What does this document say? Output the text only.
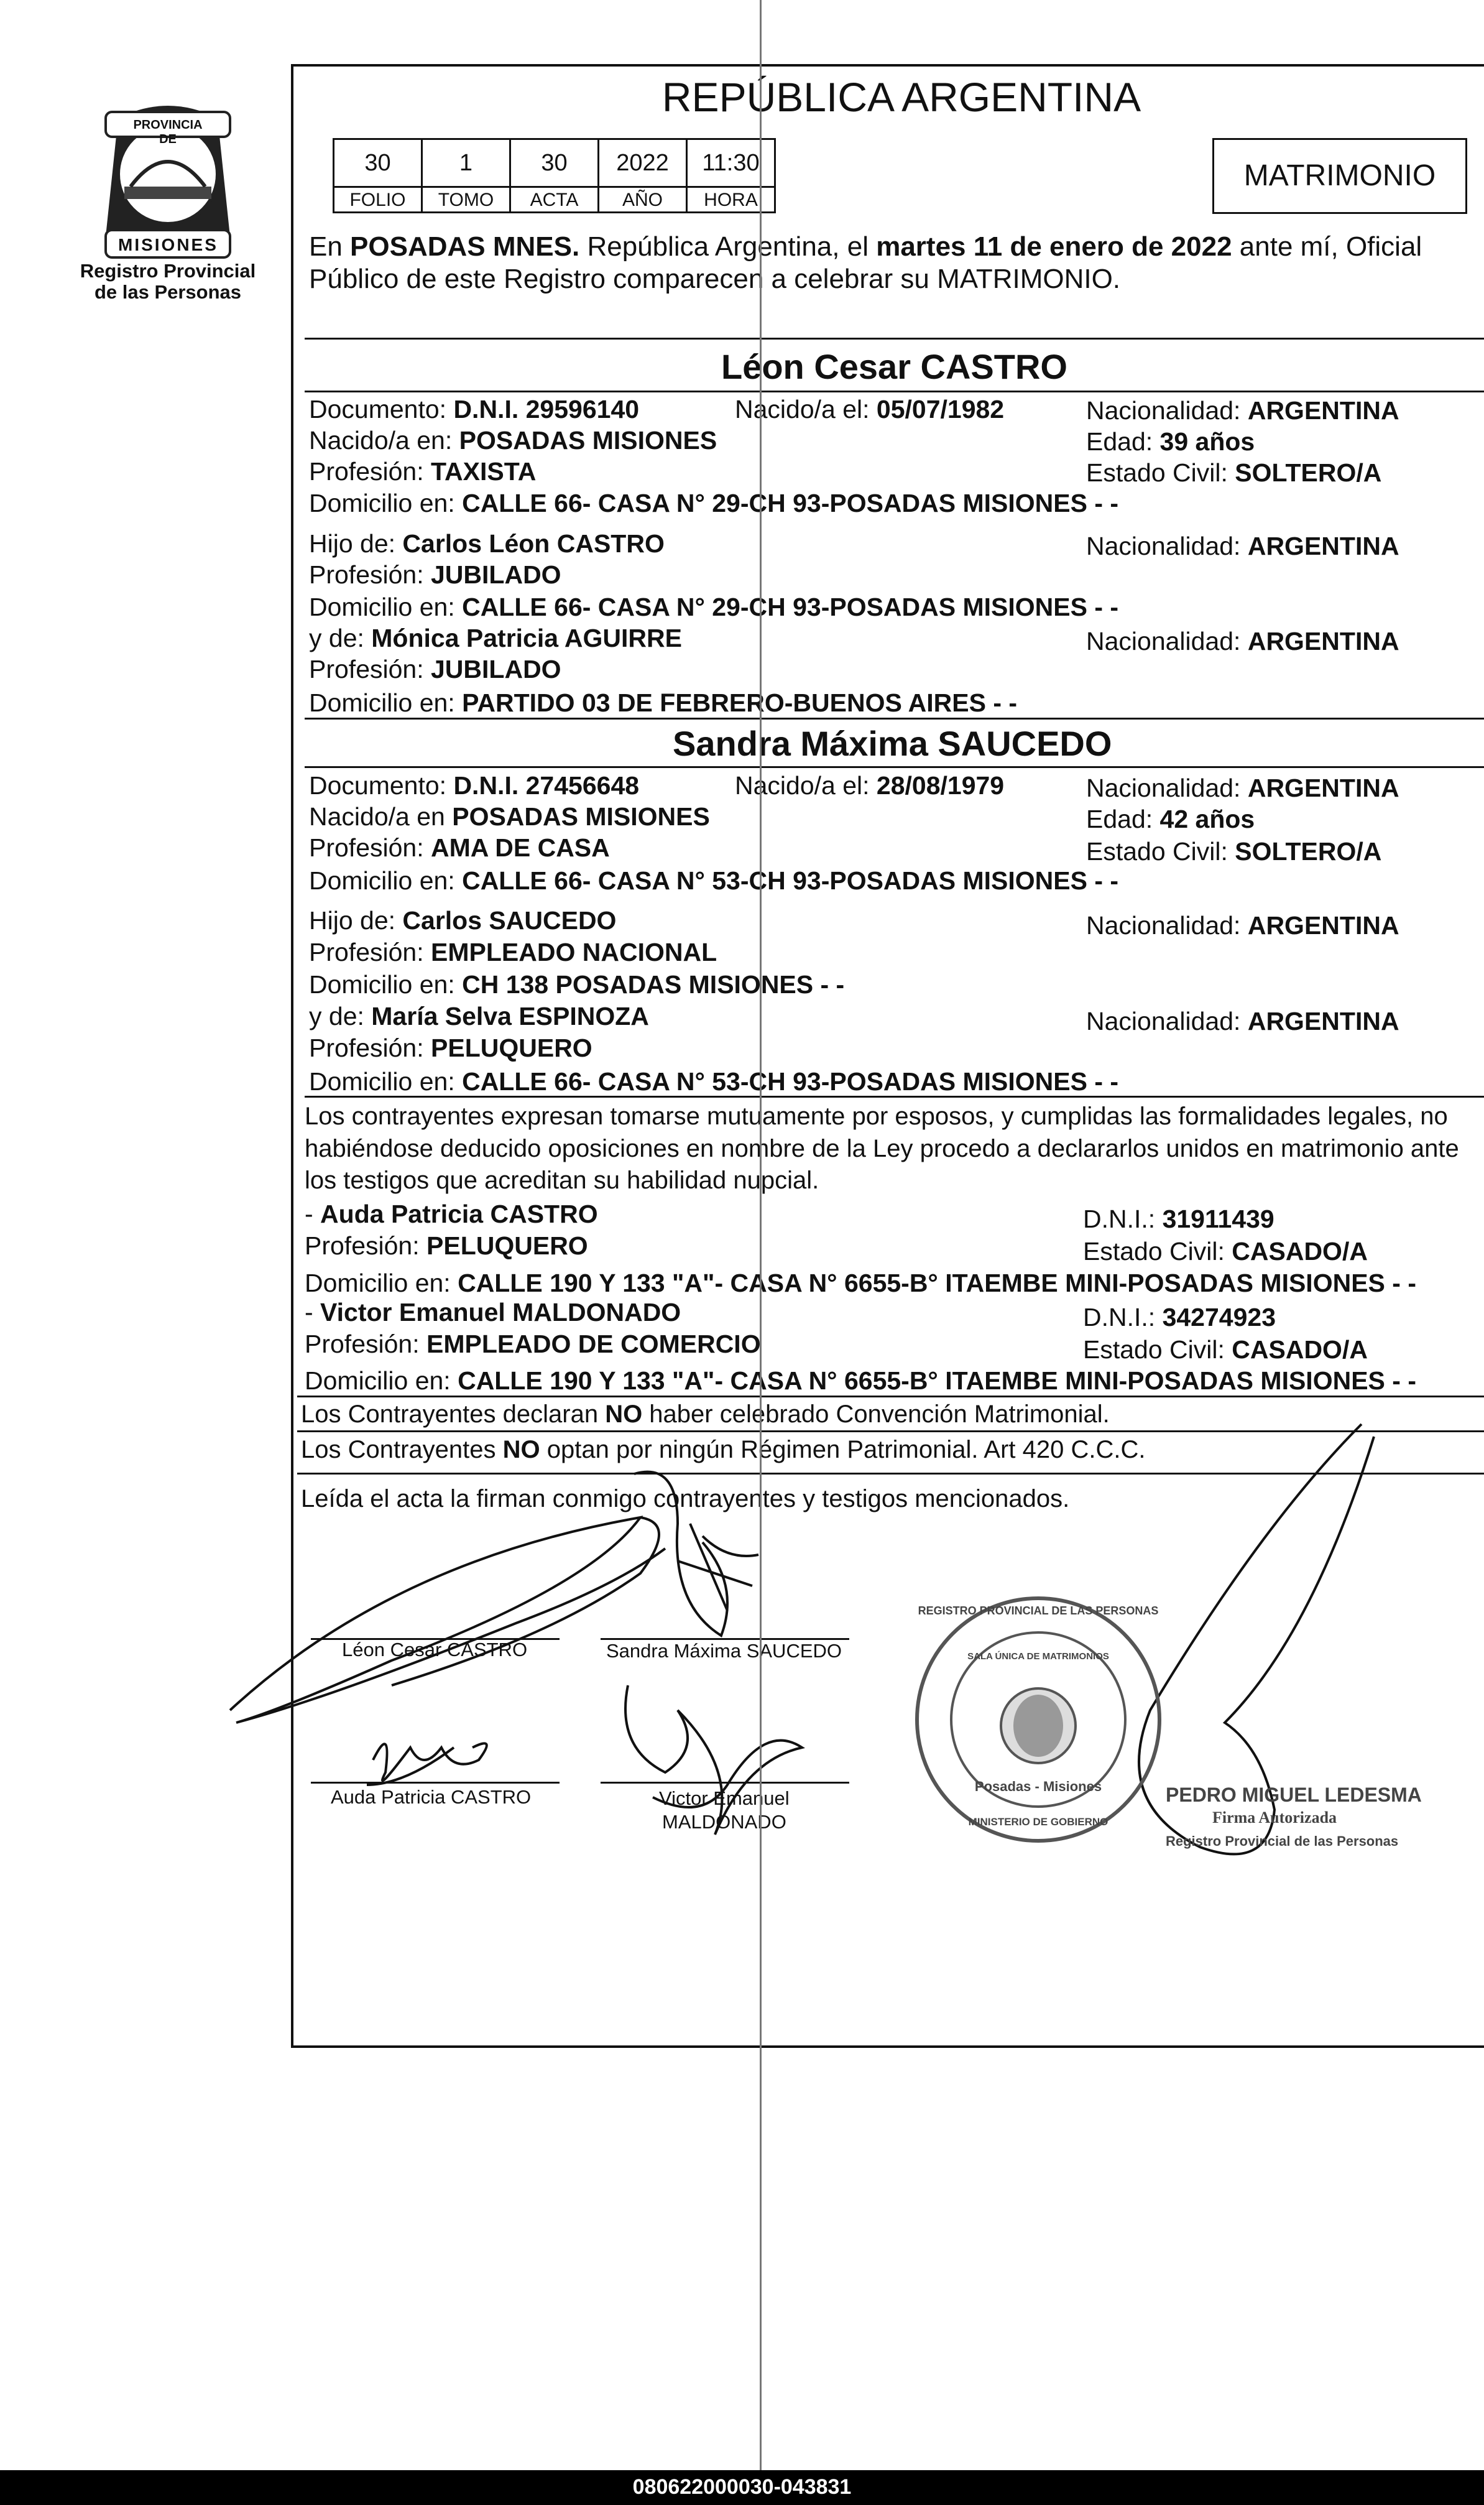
PROVINCIA DE
MISIONES
Registro Provincial
de las Personas
REPÚBLICA ARGENTINA
30	1	30	2022	11:30
FOLIO	TOMO	ACTA	AÑO	HORA
MATRIMONIO
En POSADAS MNES. República Argentina, el martes 11 de enero de 2022 ante mí, Oficial
Público de este Registro comparecen a celebrar su MATRIMONIO.
Léon Cesar CASTRO
Documento: D.N.I. 29596140	Nacido/a el: 05/07/1982	Nacionalidad: ARGENTINA
Nacido/a en: POSADAS MISIONES	Edad: 39 años
Profesión: TAXISTA	Estado Civil: SOLTERO/A
Domicilio en: CALLE 66- CASA N° 29-CH 93-POSADAS MISIONES - -
Hijo de: Carlos Léon CASTRO	Nacionalidad: ARGENTINA
Profesión: JUBILADO
Domicilio en: CALLE 66- CASA N° 29-CH 93-POSADAS MISIONES - -
y de: Mónica Patricia AGUIRRE	Nacionalidad: ARGENTINA
Profesión: JUBILADO
Domicilio en: PARTIDO 03 DE FEBRERO-BUENOS AIRES - -
Sandra Máxima SAUCEDO
Documento: D.N.I. 27456648	Nacido/a el: 28/08/1979	Nacionalidad: ARGENTINA
Nacido/a en POSADAS MISIONES	Edad: 42 años
Profesión: AMA DE CASA	Estado Civil: SOLTERO/A
Domicilio en: CALLE 66- CASA N° 53-CH 93-POSADAS MISIONES - -
Hijo de: Carlos SAUCEDO	Nacionalidad: ARGENTINA
Profesión: EMPLEADO NACIONAL
Domicilio en: CH 138 POSADAS MISIONES - -
y de: María Selva ESPINOZA	Nacionalidad: ARGENTINA
Profesión: PELUQUERO
Domicilio en: CALLE 66- CASA N° 53-CH 93-POSADAS MISIONES - -
Los contrayentes expresan tomarse mutuamente por esposos, y cumplidas las formalidades legales, no
habiéndose deducido oposiciones en nombre de la Ley procedo a declararlos unidos en matrimonio ante
los testigos que acreditan su habilidad nupcial.
- Auda Patricia CASTRO	D.N.I.: 31911439
Profesión: PELUQUERO	Estado Civil: CASADO/A
Domicilio en: CALLE 190 Y 133 "A"- CASA N° 6655-B° ITAEMBE MINI-POSADAS MISIONES - -
- Victor Emanuel MALDONADO	D.N.I.: 34274923
Profesión: EMPLEADO DE COMERCIO	Estado Civil: CASADO/A
Domicilio en: CALLE 190 Y 133 "A"- CASA N° 6655-B° ITAEMBE MINI-POSADAS MISIONES - -
Los Contrayentes declaran NO haber celebrado Convención Matrimonial.
Los Contrayentes NO optan por ningún Régimen Patrimonial. Art 420 C.C.C.
Leída el acta la firman conmigo contrayentes y testigos mencionados.
Léon Cesar CASTRO	Sandra Máxima SAUCEDO
Auda Patricia CASTRO	Victor Emanuel
MALDONADO
REGISTRO PROVINCIAL DE LAS PERSONAS
SALA ÚNICA DE MATRIMONIOS
Posadas - Misiones
MINISTERIO DE GOBIERNO
PEDRO MIGUEL LEDESMA
Firma Autorizada
Registro Provincial de las Personas
080622000030-043831
